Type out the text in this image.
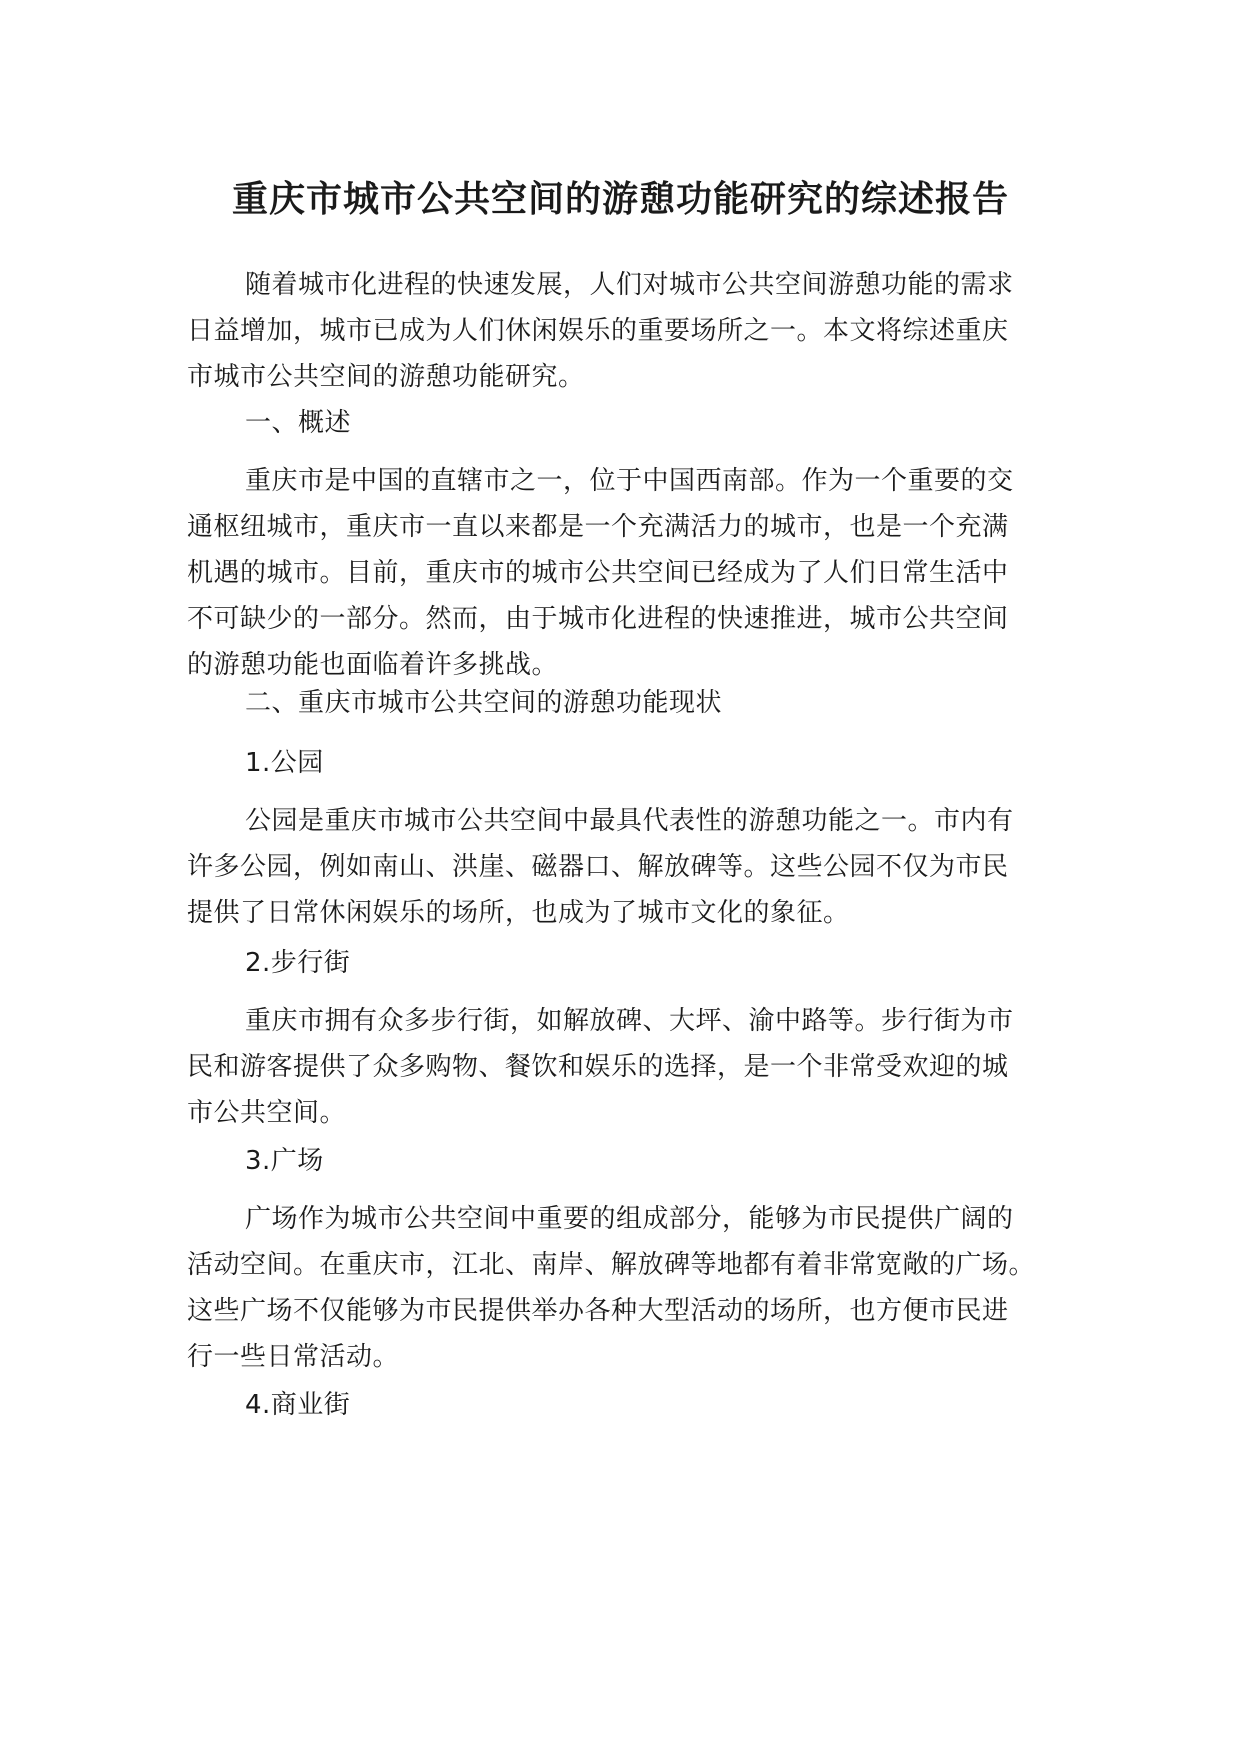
重庆市城市公共空间的游憩功能研究的综述报告

随着城市化进程的快速发展，人们对城市公共空间游憩功能的需求
日益增加，城市已成为人们休闲娱乐的重要场所之一。本文将综述重庆
市城市公共空间的游憩功能研究。

一、概述

重庆市是中国的直辖市之一，位于中国西南部。作为一个重要的交
通枢纽城市，重庆市一直以来都是一个充满活力的城市，也是一个充满
机遇的城市。目前，重庆市的城市公共空间已经成为了人们日常生活中
不可缺少的一部分。然而，由于城市化进程的快速推进，城市公共空间
的游憩功能也面临着许多挑战。

二、重庆市城市公共空间的游憩功能现状

1.公园

公园是重庆市城市公共空间中最具代表性的游憩功能之一。市内有
许多公园，例如南山、洪崖、磁器口、解放碑等。这些公园不仅为市民
提供了日常休闲娱乐的场所，也成为了城市文化的象征。

2.步行街

重庆市拥有众多步行街，如解放碑、大坪、渝中路等。步行街为市
民和游客提供了众多购物、餐饮和娱乐的选择，是一个非常受欢迎的城
市公共空间。

3.广场

广场作为城市公共空间中重要的组成部分，能够为市民提供广阔的
活动空间。在重庆市，江北、南岸、解放碑等地都有着非常宽敞的广场。
这些广场不仅能够为市民提供举办各种大型活动的场所，也方便市民进
行一些日常活动。

4.商业街
